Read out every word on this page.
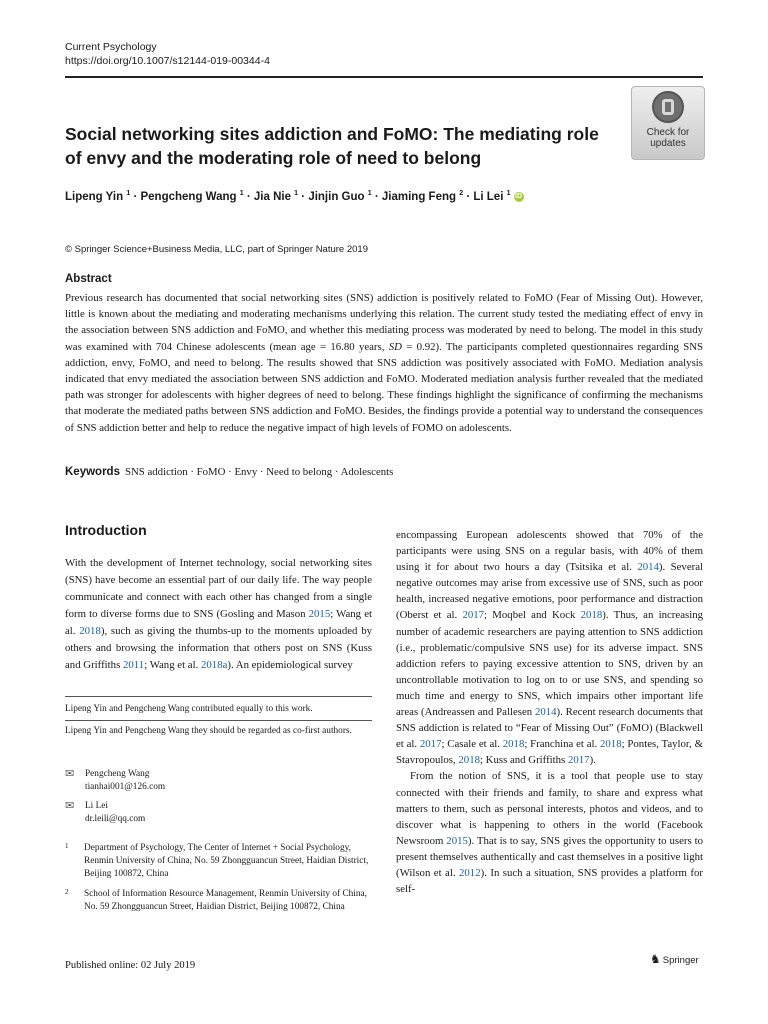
Current Psychology
https://doi.org/10.1007/s12144-019-00344-4
Social networking sites addiction and FoMO: The mediating role of envy and the moderating role of need to belong
Check for
updates
Lipeng Yin $^1$ · Pengcheng Wang $^1$ · Jia Nie $^1$ · Jinjin Guo $^1$ · Jiaming Feng $^2$ · Li Lei $^1$ iD
© Springer Science+Business Media, LLC, part of Springer Nature 2019
Abstract
Previous research has documented that social networking sites (SNS) addiction is positively related to FoMO (Fear of Missing Out). However, little is known about the mediating and moderating mechanisms underlying this relation. The current study tested the mediating effect of envy in the association between SNS addiction and FoMO, and whether this mediating process was moderated by need to belong. The model in this study was examined with 704 Chinese adolescents (mean age = 16.80 years, SD = 0.92). The participants completed questionnaires regarding SNS addiction, envy, FoMO, and need to belong. The results showed that SNS addiction was positively associated with FoMO. Mediation analysis indicated that envy mediated the association between SNS addiction and FoMO. Moderated mediation analysis further revealed that the mediated path was stronger for adolescents with higher degrees of need to belong. These findings highlight the significance of confirming the mechanisms that moderate the mediated paths between SNS addiction and FoMO. Besides, the findings provide a potential way to understand the consequences of SNS addiction better and help to reduce the negative impact of high levels of FOMO on adolescents.
Keywords SNS addiction · FoMO · Envy · Need to belong · Adolescents
Introduction
With the development of Internet technology, social networking sites (SNS) have become an essential part of our daily life. The way people communicate and connect with each other has changed from a single form to diverse forms due to SNS (Gosling and Mason 2015; Wang et al. 2018), such as giving the thumbs-up to the moments uploaded by others and browsing the information that others post on SNS (Kuss and Griffiths 2011; Wang et al. 2018a). An epidemiological survey
Lipeng Yin and Pengcheng Wang contributed equally to this work.
Lipeng Yin and Pengcheng Wang they should be regarded as co-first authors.
✉ Pengcheng Wang
tianhai001@126.com
✉ Li Lei
dr.leili@qq.com
1 Department of Psychology, The Center of Internet + Social Psychology, Renmin University of China, No. 59 Zhongguancun Street, Haidian District, Beijing 100872, China
2 School of Information Resource Management, Renmin University of China, No. 59 Zhongguancun Street, Haidian District, Beijing 100872, China

encompassing European adolescents showed that 70% of the participants were using SNS on a regular basis, with 40% of them using it for about two hours a day (Tsitsika et al. 2014). Several negative outcomes may arise from excessive use of SNS, such as poor health, increased negative emotions, poor performance and distraction (Oberst et al. 2017; Moqbel and Kock 2018). Thus, an increasing number of academic researchers are paying attention to SNS addiction (i.e., problematic/compulsive SNS use) for its adverse impact. SNS addiction refers to paying excessive attention to SNS, driven by an uncontrollable motivation to log on to or use SNS, and spending so much time and energy to SNS, which impairs other important life areas (Andreassen and Pallesen 2014). Recent research documents that SNS addiction is related to “Fear of Missing Out” (FoMO) (Blackwell et al. 2017; Casale et al. 2018; Franchina et al. 2018; Pontes, Taylor, & Stavropoulos, 2018; Kuss and Griffiths 2017).

From the notion of SNS, it is a tool that people use to stay connected with their friends and family, to share and express what matters to them, such as personal interests, photos and videos, and to discover what is happening to others in the world (Facebook Newsroom 2015). That is to say, SNS gives the opportunity to users to present themselves authentically and cast themselves in a positive light (Wilson et al. 2012). In such a situation, SNS provides a platform for self-

Published online: 02 July 2019	♞ Springer
